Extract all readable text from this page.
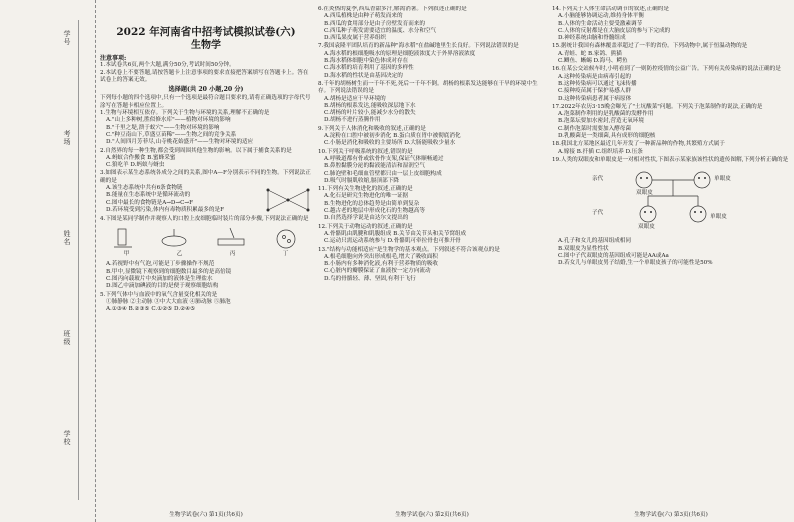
学号
考场
姓名
班级
学校
2022 年河南省中招考试模拟试卷(六)
生物学
注意事项:
1.本试卷共6页,两个大题,满分50分,考试时间50分钟。
2.本试卷上不要答题,请按答题卡上注意事项的要求直接把答案填写在答题卡上。答在试卷上的答案无效。
选择题(共 20 小题,20 分)
下列每小题的四个选项中,只有一个选项是最符合题目要求的,请将正确选项的字母代号涂写在答题卡相应位置上。
1.生物与环境相互依存。下列关于生物与环境的关系,理解不正确的是
A."山上多种树,胜似修水库"——植物对环境的影响
B."千里之堤,溃于蚁穴"——生物对环境的影响
C."种豆南山下,草盛豆苗稀"——生物之间的竞争关系
D."人间四月芳菲尽,山寺桃花始盛开"——生物对环境的适应
2.自然界的每一种生物,都会受到周围其他生物的影响。以下属于捕食关系的是
A.蚂蚁合作搬食 B.蜜蜂采蜜
C.狼吃羊 D.蚂蚁与蚜虫
3.如图表示某生态系统各成分之间的关系,图中A—F分别表示不同的生物。下列说法正确的是
A.该生态系统中共有6条食物链
B.能量在生态系统中是循环流动的
C.图中最长的食物链是A→D→C→F
D.若环境受到污染,体内有毒物质积累最多的是F
4.下图是某同学制作并观察人的口腔上皮细胞临时装片的部分步骤,下列说法正确的是
甲	乙	丙	丁
A.若视野中有气泡,可能是丁步骤操作不规范
B.甲中,显微镜下观察到的细胞数目最多的是高倍镜
C.图丙向载玻片中央滴加的液体是生理盐水
D.图乙中滴加碘液的目的是便于观察细胞结构
5.下列气体中与血液中的氧气含量变化相关的是
①肺静脉 ②主动脉 ③中大大血液 ④肺动脉 ⑤肺泡
A.①③④ B.②③⑤ C.①②⑤ D.②④⑤
生物学试卷(六) 第1页(共6页)
6.在炎热的夏季,西瓜香甜多汁,解渴消暑。下列叙述正确的是
A.西瓜植株是由种子萌发而来的
B.西瓜的食用部分是由子房壁发育而来的
C.西瓜种子萌发需要适宜的温度、水分和空气
D.西瓜果皮属于营养组织
7.我国袁隆平团队培育的新品种"海水稻"在盐碱地里生长良好。下列说法错误的是
A.海水稻的根细胞吸水的原理是细胞液浓度大于外界溶液浓度
B.海水稻体细胞中染色体成对存在
C.海水稻的培育利用了基因的多样性
D.海水稻的性状是由基因决定的
8.千年的胡杨树生而一千年不死,死后一千年不倒。胡杨的根系发达能够在干旱的环境中生存。下列说法错误的是
A.胡杨是适应干旱环境的
B.胡杨的根系发达,能吸收深层地下水
C.胡杨的叶片较小,能减少水分的散失
D.胡杨不进行蒸腾作用
9.下列关于人体消化和吸收的叙述,正确的是
A.淀粉在口腔中被初步消化 B.蛋白质在胃中被彻底消化
C.小肠是消化和吸收的主要场所 D.大肠能吸收少量水
10.下列关于呼吸系统的叙述,错误的是
A.呼吸道都有骨或软骨作支架,保证气体顺畅通过
B.鼻腔黏膜分泌的黏液能清洁和湿润空气
C.肺泡壁和毛细血管壁都只由一层上皮细胞构成
D.吸气时膈肌收缩,膈顶部下降
11.下列有关生物进化的叙述,正确的是
A.化石是研究生物进化的唯一证据
B.生物进化的总体趋势是由简单到复杂
C.越古老的地层中形成化石的生物越高等
D.自然选择学说是由达尔文提出的
12.下列关于动物运动的叙述,正确的是
A.骨骼肌由肌腱和肌腹组成 B.关节由关节头和关节窝组成
C.运动只需运动系统参与 D.骨骼肌可牵拉骨也可推开骨
13."结构与功能相适应"是生物学的基本观点。下列叙述不符合该观点的是
A.根毛细胞向外突出形成根毛,增大了吸收面积
B.小肠内有多种消化液,有利于营养物质的吸收
C.心脏内的瓣膜保证了血液按一定方向流动
D.鸟的骨骼轻、薄、坚固,有利于飞行
生物学试卷(六) 第2页(共6页)
14.下列关于人体生命活动调节的叙述,正确的是
A.小脑能够协调运动,维持身体平衡
B.人体的生命活动主要受激素调节
C.人体的反射都是在大脑皮层的参与下完成的
D.神经系统由脑和脊髓组成
15.据统计我国有森林覆盖率超过了一半的省份。下列动物中,属于恒温动物的是
A.青蛙、蛇 B.家鸽、熊猫
C.鲫鱼、蜥蜴 D.海马、鳄鱼
16.在某公交站候车时,小明看到了一则防控疫情的公益广告。下列有关传染病的说法正确的是
A.这种传染病是由病毒引起的
B.这种传染病可以通过飞沫传播
C.接种疫苗属于保护易感人群
D.这种传染病患者属于病原体
17.2022年农历3·15晚会曝光了"土坑酸菜"问题。下列关于泡菜制作的说法,正确的是
A.泡菜制作利用的是乳酸菌的发酵作用
B.泡菜坛要加水密封,营造无氧环境
C.制作泡菜时需要加入酵母菌
D.乳酸菌是一类细菌,具有成形的细胞核
18.我国北方某地区最近几年开发了一种新品种的作物,其繁殖方式属于
A.嫁接 B.扦插 C.组织培养 D.压条
19.人类的双眼皮和单眼皮是一对相对性状,下图表示某家族该性状的遗传图解,下列分析正确的是
亲代
子代
双眼皮
单眼皮
双眼皮
单眼皮
A.孔子和女儿的基因组成相同
B.双眼皮为显性性状
C.图中子代双眼皮的基因组成可能是AA或Aa
D.若女儿与单眼皮男子结婚,生一个单眼皮孩子的可能性是50%
生物学试卷(六) 第3页(共6页)
